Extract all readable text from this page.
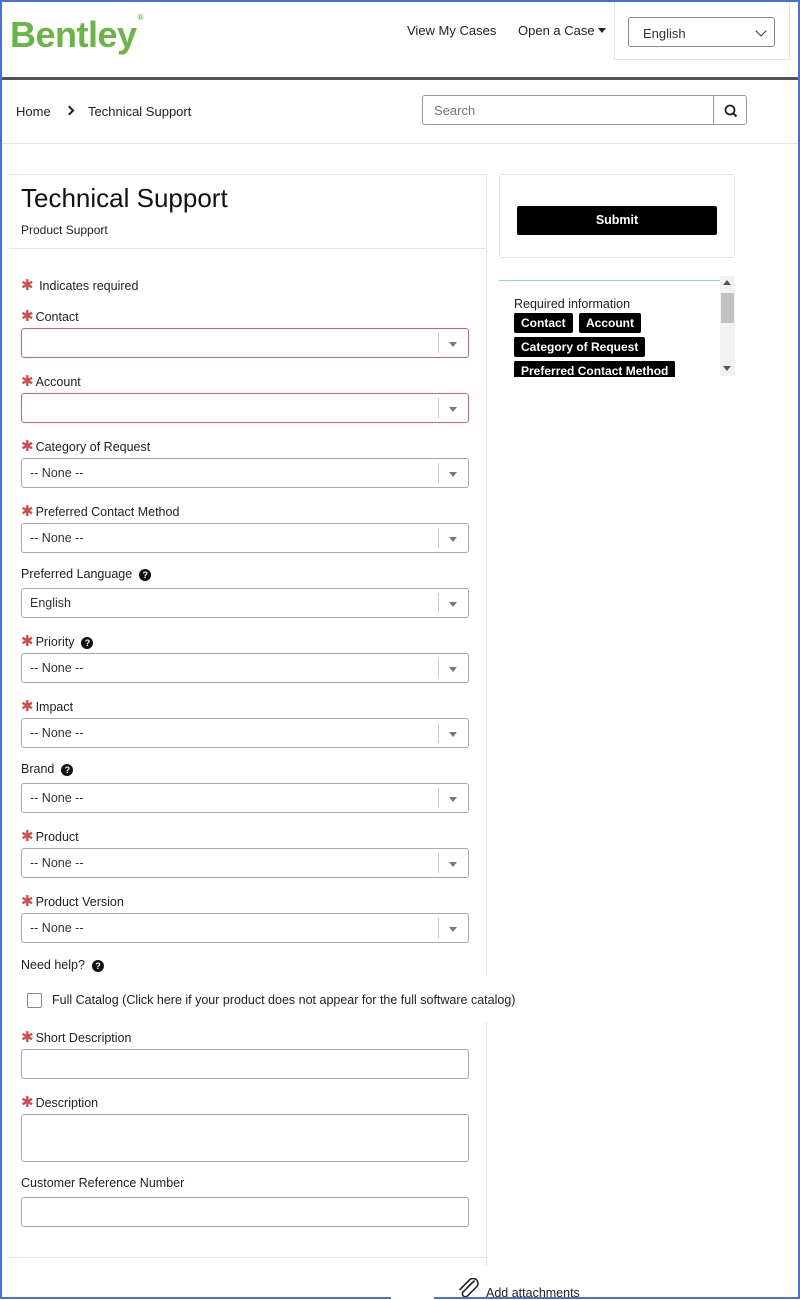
Bentley®
View My Cases Open a Case	English
Home	Technical Support	Search
Technical Support
Product Support
✱ Indicates required
✱ Contact
✱ Account
✱ Category of Request
-- None --
✱ Preferred Contact Method
-- None --
Preferred Language ?
English
✱ Priority ?
-- None --
✱ Impact
-- None --
Brand ?
-- None --
✱ Product
-- None --
✱ Product Version
-- None --
Need help? ?
Full Catalog (Click here if your product does not appear for the full software catalog)
✱ Short Description
✱ Description
Customer Reference Number
Submit
Required information
Contact	Account
Category of Request
Preferred Contact Method
Add attachments
